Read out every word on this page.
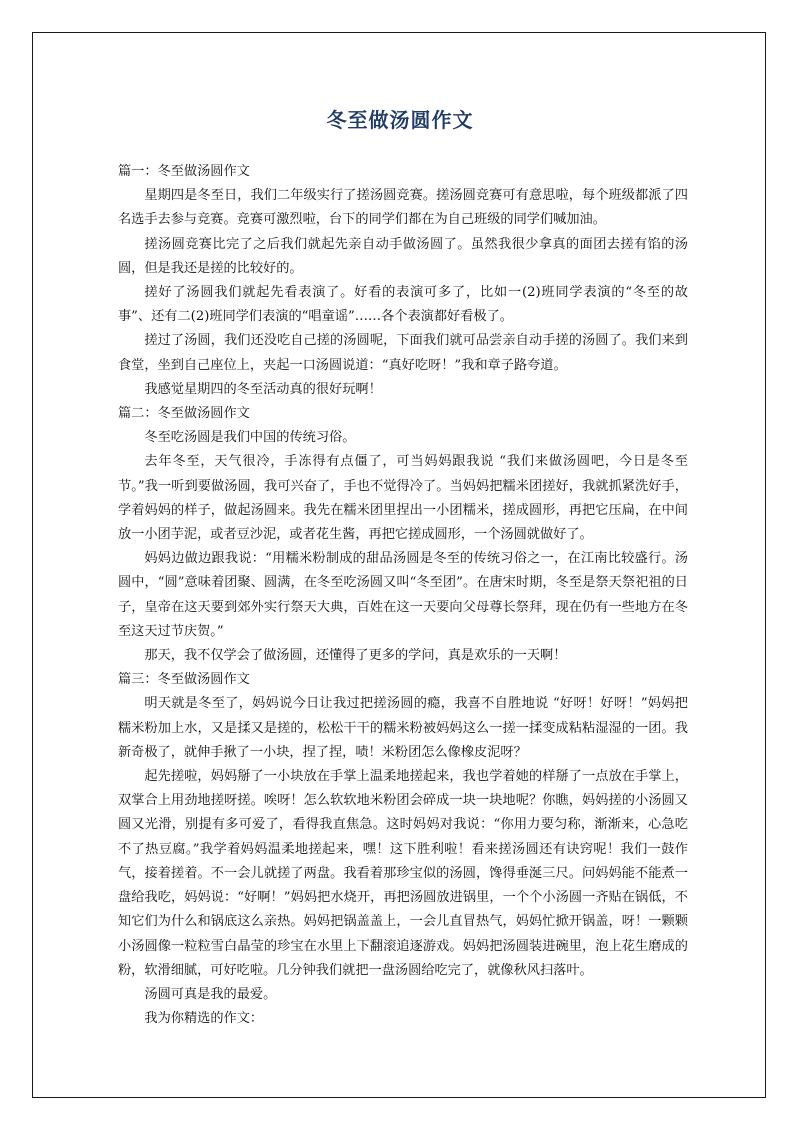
冬至做汤圆作文

篇一：冬至做汤圆作文

星期四是冬至日，我们二年级实行了搓汤圆竞赛。搓汤圆竞赛可有意思啦，每个班级都派了四名选手去参与竞赛。竞赛可激烈啦，台下的同学们都在为自己班级的同学们喊加油。

搓汤圆竞赛比完了之后我们就起先亲自动手做汤圆了。虽然我很少拿真的面团去搓有馅的汤圆，但是我还是搓的比较好的。

搓好了汤圆我们就起先看表演了。好看的表演可多了，比如一(2)班同学表演的“冬至的故事”、还有二(2)班同学们表演的“唱童谣”……各个表演都好看极了。

搓过了汤圆，我们还没吃自己搓的汤圆呢，下面我们就可品尝亲自动手搓的汤圆了。我们来到食堂，坐到自己座位上，夹起一口汤圆说道：“真好吃呀！”我和章子路夸道。

我感觉星期四的冬至活动真的很好玩啊！

篇二：冬至做汤圆作文

冬至吃汤圆是我们中国的传统习俗。

去年冬至，天气很冷，手冻得有点僵了，可当妈妈跟我说 “我们来做汤圆吧，今日是冬至节。”我一听到要做汤圆，我可兴奋了，手也不觉得冷了。当妈妈把糯米团搓好，我就抓紧洗好手，学着妈妈的样子，做起汤圆来。我先在糯米团里捏出一小团糯米，搓成圆形，再把它压扁，在中间放一小团芋泥，或者豆沙泥，或者花生酱，再把它搓成圆形，一个汤圆就做好了。

妈妈边做边跟我说：“用糯米粉制成的甜品汤圆是冬至的传统习俗之一，在江南比较盛行。汤圆中，“圆”意味着团聚、圆满，在冬至吃汤圆又叫“冬至团”。在唐宋时期，冬至是祭天祭祀祖的日子，皇帝在这天要到郊外实行祭天大典，百姓在这一天要向父母尊长祭拜，现在仍有一些地方在冬至这天过节庆贺。”

那天，我不仅学会了做汤圆，还懂得了更多的学问，真是欢乐的一天啊！

篇三：冬至做汤圆作文

明天就是冬至了，妈妈说今日让我过把搓汤圆的瘾，我喜不自胜地说 “好呀！好呀！”妈妈把糯米粉加上水，又是揉又是搓的，松松干干的糯米粉被妈妈这么一搓一揉变成粘粘湿湿的一团。我新奇极了，就伸手揪了一小块，捏了捏，啧！米粉团怎么像橡皮泥呀？

起先搓啦，妈妈掰了一小块放在手掌上温柔地搓起来，我也学着她的样掰了一点放在手掌上，双掌合上用劲地搓呀搓。唉呀！怎么软软地米粉团会碎成一块一块地呢？你瞧，妈妈搓的小汤圆又圆又光滑，别提有多可爱了，看得我直焦急。这时妈妈对我说：“你用力要匀称，渐渐来，心急吃不了热豆腐。”我学着妈妈温柔地搓起来，嘿！这下胜利啦！看来搓汤圆还有诀窍呢！我们一鼓作气，接着搓着。不一会儿就搓了两盘。我看着那珍宝似的汤圆，馋得垂涎三尺。问妈妈能不能煮一盘给我吃，妈妈说：“好啊！”妈妈把水烧开，再把汤圆放进锅里，一个个小汤圆一齐贴在锅低，不知它们为什么和锅底这么亲热。妈妈把锅盖盖上，一会儿直冒热气，妈妈忙掀开锅盖，呀！一颗颗小汤圆像一粒粒雪白晶莹的珍宝在水里上下翻滚追逐游戏。妈妈把汤圆装进碗里，泡上花生磨成的粉，软滑细腻，可好吃啦。几分钟我们就把一盘汤圆给吃完了，就像秋风扫落叶。

汤圆可真是我的最爱。

我为你精选的作文：
